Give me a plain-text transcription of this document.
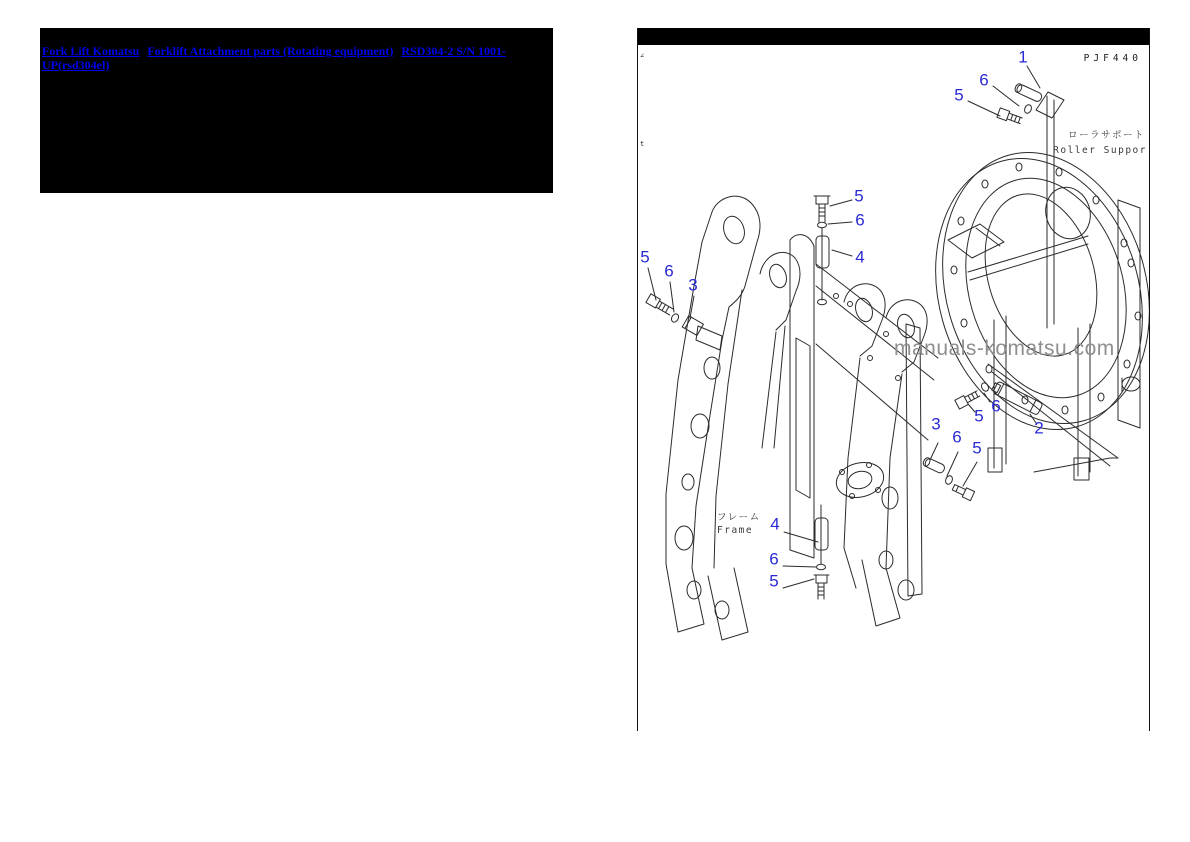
Fork Lift Komatsu Forklift Attachment parts (Rotating equipment) RSD304-2 S/N 1001-UP(rsd304el)	PJF440
∠
t
ローラサポート
Roller Suppor
フレーム
Frame
manuals-komatsu.com
1
6
5
5
6
4
5
6
3
3
6
5
5
6
2
4
6
5
